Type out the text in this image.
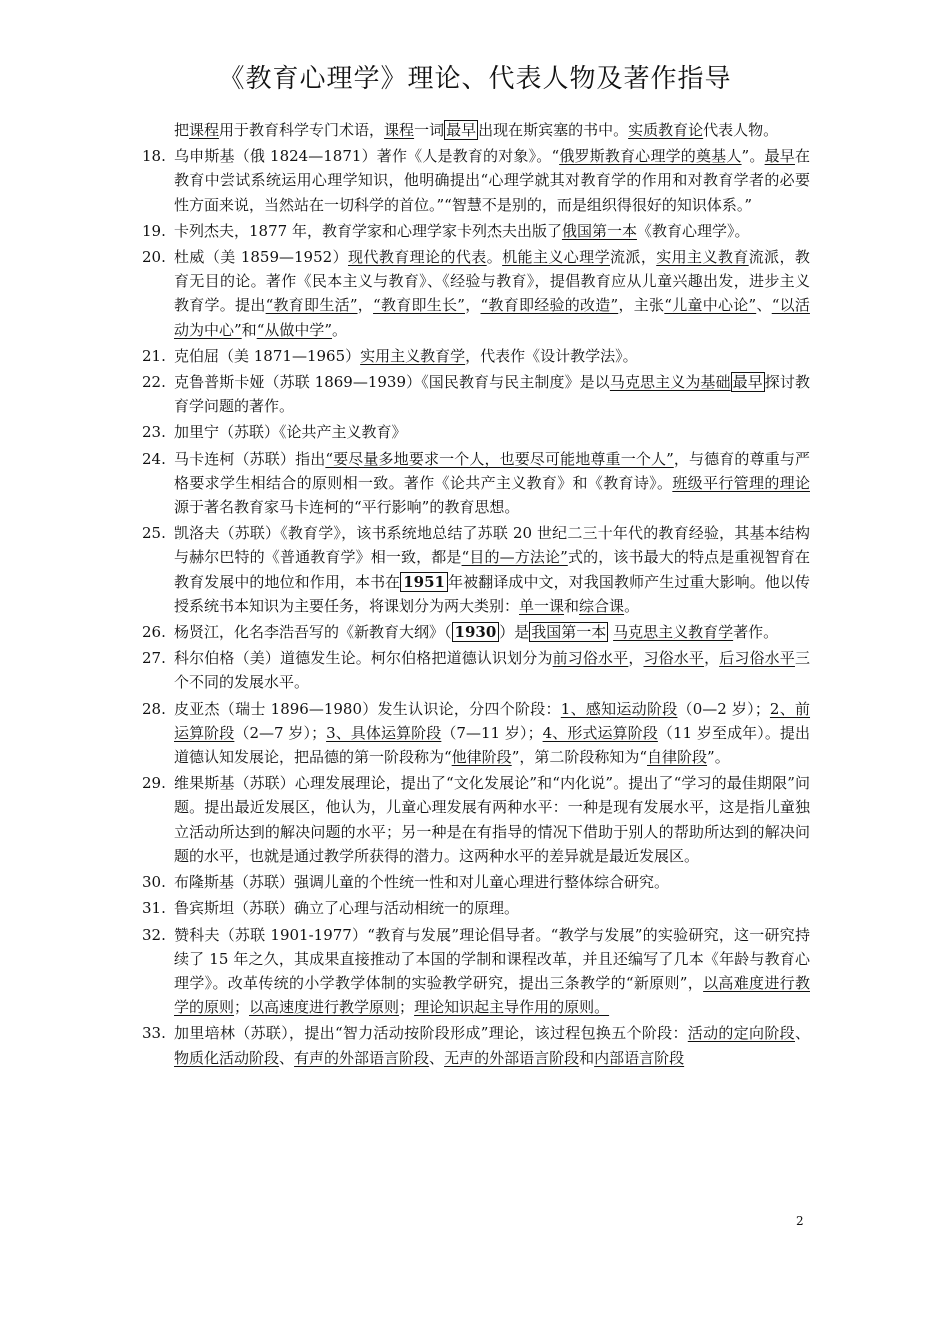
《教育心理学》理论、代表人物及著作指导
把课程用于教育科学专门术语，课程一词 最早 出现在斯宾塞的书中。实质教育论代表人物。
18. 乌申斯基（俄 1824—1871）著作《人是教育的对象》。“俄罗斯教育心理学的奠基人”。最早在教育中尝试系统运用心理学知识，他明确提出“心理学就其对教育学的作用和对教育学者的必要性方面来说，当然站在一切科学的首位。”“智慧不是别的，而是组织得很好的知识体系。”
19. 卡列杰夫，1877 年，教育学家和心理学家卡列杰夫出版了俄国第一本《教育心理学》。
20. 杜威（美 1859—1952）现代教育理论的代表。机能主义心理学流派，实用主义教育流派，教育无目的论。著作《民本主义与教育》、《经验与教育》，提倡教育应从儿童兴趣出发，进步主义教育学。提出“教育即生活”，“教育即生长”，“教育即经验的改造”，主张“儿童中心论”、“以活动为中心”和“从做中学”。
21. 克伯屈（美 1871—1965）实用主义教育学，代表作《设计教学法》。
22. 克鲁普斯卡娅（苏联 1869—1939）《国民教育与民主制度》是以马克思主义为基础 最早 探讨教育学问题的著作。
23. 加里宁（苏联）《论共产主义教育》
24. 马卡连柯（苏联）指出“要尽量多地要求一个人，也要尽可能地尊重一个人”，与德育的尊重与严格要求学生相结合的原则相一致。著作《论共产主义教育》和《教育诗》。班级平行管理的理论源于著名教育家马卡连柯的“平行影响”的教育思想。
25. 凯洛夫（苏联）《教育学》，该书系统地总结了苏联 20 世纪二三十年代的教育经验，其基本结构与赫尔巴特的《普通教育学》相一致，都是“目的—方法论”式的，该书最大的特点是重视智育在教育发展中的地位和作用，本书在 1951 年被翻译成中文，对我国教师产生过重大影响。他以传授系统书本知识为主要任务，将课划分为两大类别：单一课和综合课。
26. 杨贤江，化名李浩吾写的《新教育大纲》（ 1930 ）是 我国第一本 马克思主义教育学著作。
27. 科尔伯格（美）道德发生论。柯尔伯格把道德认识划分为前习俗水平，习俗水平，后习俗水平三个不同的发展水平。
28. 皮亚杰（瑞士 1896—1980）发生认识论，分四个阶段：1、感知运动阶段（0—2 岁）；2、前运算阶段（2—7 岁）；3、具体运算阶段（7—11 岁）；4、形式运算阶段（11 岁至成年）。提出道德认知发展论，把品德的第一阶段称为“他律阶段”，第二阶段称知为“自律阶段”。
29. 维果斯基（苏联）心理发展理论，提出了“文化发展论”和“内化说”。提出了“学习的最佳期限”问题。提出最近发展区，他认为，儿童心理发展有两种水平：一种是现有发展水平，这是指儿童独立活动所达到的解决问题的水平；另一种是在有指导的情况下借助于别人的帮助所达到的解决问题的水平，也就是通过教学所获得的潜力。这两种水平的差异就是最近发展区。
30. 布隆斯基（苏联）强调儿童的个性统一性和对儿童心理进行整体综合研究。
31. 鲁宾斯坦（苏联）确立了心理与活动相统一的原理。
32. 赞科夫（苏联 1901-1977）“教育与发展”理论倡导者。“教学与发展”的实验研究，这一研究持续了 15 年之久，其成果直接推动了本国的学制和课程改革，并且还编写了几本《年龄与教育心理学》。改革传统的小学教学体制的实验教学研究，提出三条教学的“新原则”，以高难度进行教学的原则；以高速度进行教学原则；理论知识起主导作用的原则。
33. 加里培林（苏联），提出“智力活动按阶段形成”理论，该过程包换五个阶段：活动的定向阶段、物质化活动阶段、有声的外部语言阶段、无声的外部语言阶段和内部语言阶段
2
